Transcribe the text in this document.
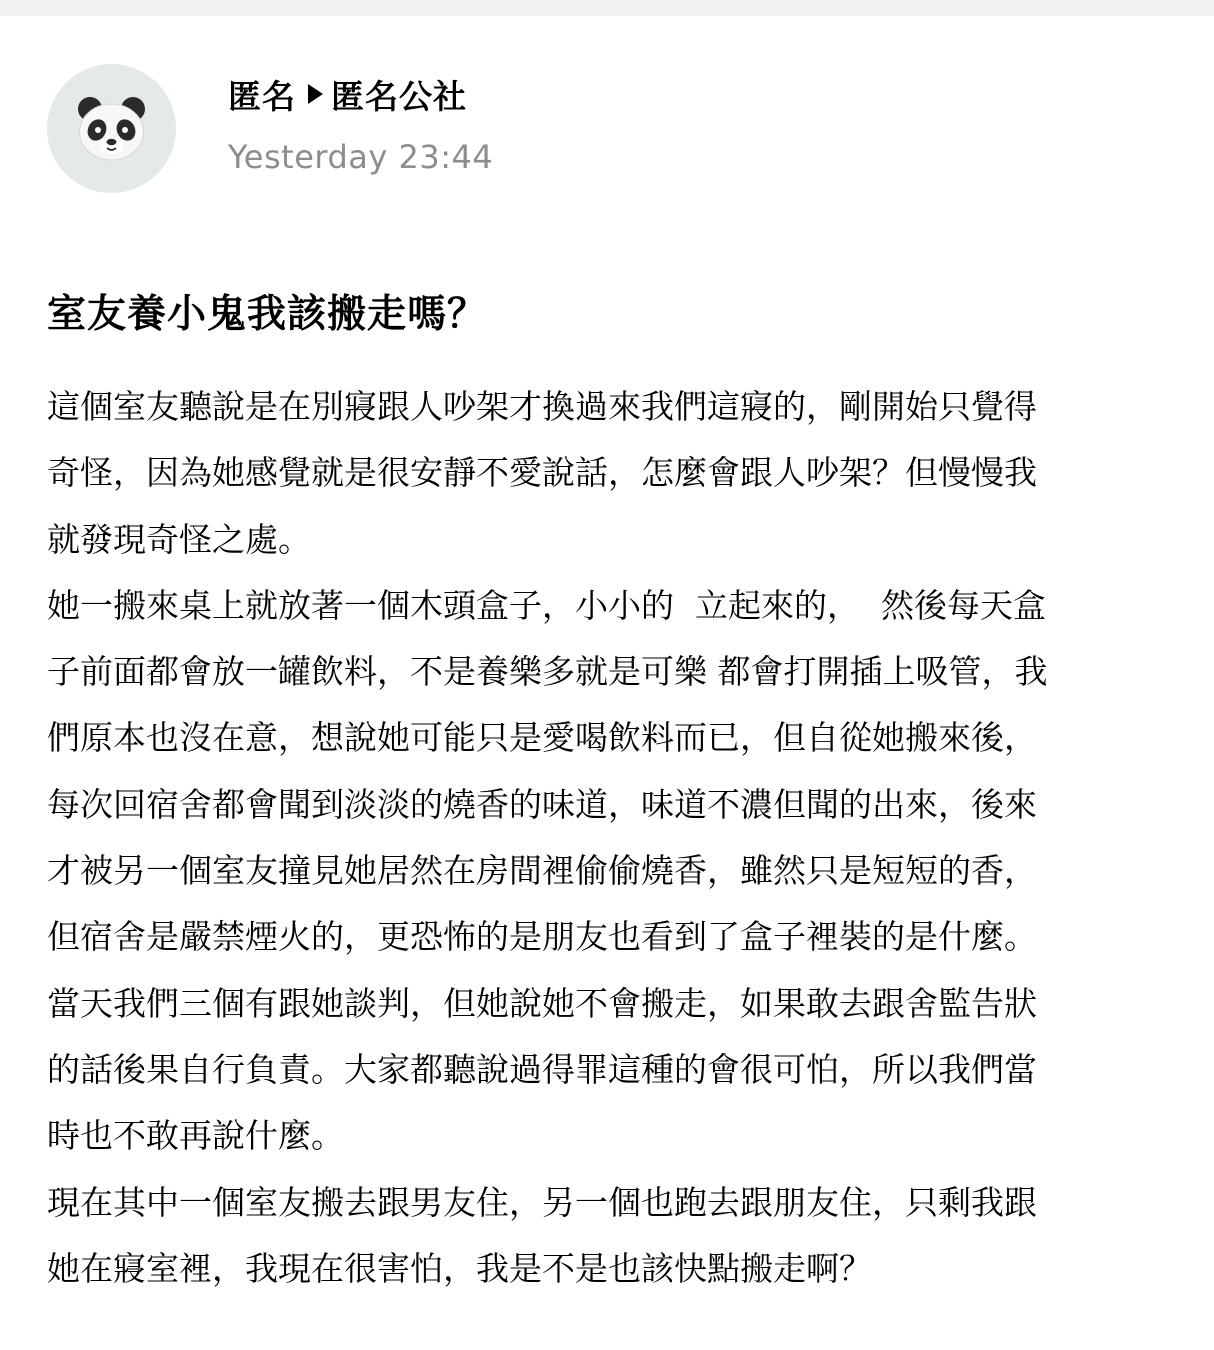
匿名 匿名公社
Yesterday 23:44
室友養小鬼我該搬走嗎？
這個室友聽說是在別寢跟人吵架才換過來我們這寢的，剛開始只覺得
奇怪，因為她感覺就是很安靜不愛說話，怎麼會跟人吵架？但慢慢我
就發現奇怪之處。
她一搬來桌上就放著一個木頭盒子，小小的  立起來的，  然後每天盒
子前面都會放一罐飲料，不是養樂多就是可樂 都會打開插上吸管，我
們原本也沒在意，想說她可能只是愛喝飲料而已，但自從她搬來後，
每次回宿舍都會聞到淡淡的燒香的味道，味道不濃但聞的出來，後來
才被另一個室友撞見她居然在房間裡偷偷燒香，雖然只是短短的香，
但宿舍是嚴禁煙火的，更恐怖的是朋友也看到了盒子裡裝的是什麼。
當天我們三個有跟她談判，但她說她不會搬走，如果敢去跟舍監告狀
的話後果自行負責。大家都聽說過得罪這種的會很可怕，所以我們當
時也不敢再說什麼。
現在其中一個室友搬去跟男友住，另一個也跑去跟朋友住，只剩我跟
她在寢室裡，我現在很害怕，我是不是也該快點搬走啊？
